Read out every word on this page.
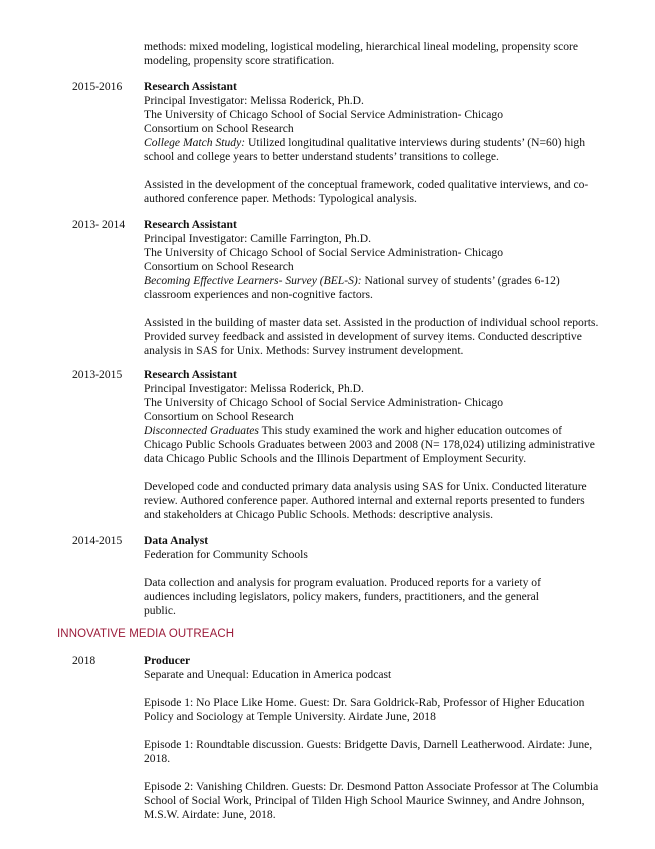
methods: mixed modeling, logistical modeling, hierarchical lineal modeling, propensity score
modeling, propensity score stratification.
2015-2016 Research Assistant
Principal Investigator: Melissa Roderick, Ph.D.
The University of Chicago School of Social Service Administration- Chicago
Consortium on School Research
College Match Study: Utilized longitudinal qualitative interviews during students’ (N=60) high
school and college years to better understand students’ transitions to college.
Assisted in the development of the conceptual framework, coded qualitative interviews, and co-
authored conference paper. Methods: Typological analysis.
2013- 2014 Research Assistant
Principal Investigator: Camille Farrington, Ph.D.
The University of Chicago School of Social Service Administration- Chicago
Consortium on School Research
Becoming Effective Learners- Survey (BEL-S): National survey of students’ (grades 6-12)
classroom experiences and non-cognitive factors.
Assisted in the building of master data set. Assisted in the production of individual school reports.
Provided survey feedback and assisted in development of survey items. Conducted descriptive
analysis in SAS for Unix. Methods: Survey instrument development.
2013-2015 Research Assistant
Principal Investigator: Melissa Roderick, Ph.D.
The University of Chicago School of Social Service Administration- Chicago
Consortium on School Research
Disconnected Graduates This study examined the work and higher education outcomes of
Chicago Public Schools Graduates between 2003 and 2008 (N= 178,024) utilizing administrative
data Chicago Public Schools and the Illinois Department of Employment Security.
Developed code and conducted primary data analysis using SAS for Unix. Conducted literature
review. Authored conference paper. Authored internal and external reports presented to funders
and stakeholders at Chicago Public Schools. Methods: descriptive analysis.
2014-2015 Data Analyst
Federation for Community Schools
Data collection and analysis for program evaluation. Produced reports for a variety of
audiences including legislators, policy makers, funders, practitioners, and the general
public.
INNOVATIVE MEDIA OUTREACH
2018	Producer
Separate and Unequal: Education in America podcast
Episode 1: No Place Like Home. Guest: Dr. Sara Goldrick-Rab, Professor of Higher Education
Policy and Sociology at Temple University. Airdate June, 2018
Episode 1: Roundtable discussion. Guests: Bridgette Davis, Darnell Leatherwood. Airdate: June,
2018.
Episode 2: Vanishing Children. Guests: Dr. Desmond Patton Associate Professor at The Columbia
School of Social Work, Principal of Tilden High School Maurice Swinney, and Andre Johnson,
M.S.W. Airdate: June, 2018.
